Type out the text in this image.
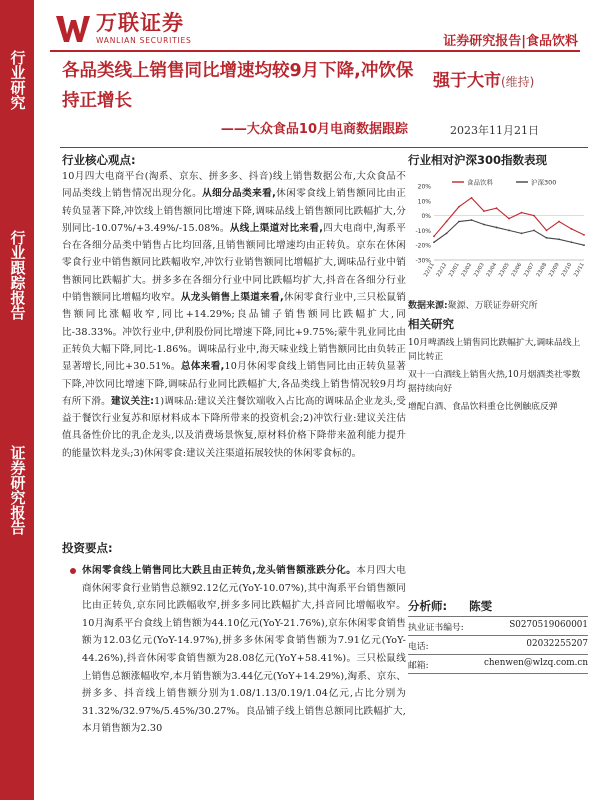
行业研究
行业跟踪报告
证券研究报告
万联证券
WANLIAN SECURITIES	证券研究报告|食品饮料
各品类线上销售同比增速均较9月下降,冲饮保持正增长
——大众食品10月电商数据跟踪
强于大市(维持)
2023年11月21日
行业核心观点:
10月四大电商平台(淘系、京东、拼多多、抖音)线上销售数据公布,大众食品不同品类线上销售情况出现分化。从细分品类来看,休闲零食线上销售额同比由正转负显著下降,冲饮线上销售额同比增速下降,调味品线上销售额同比跌幅扩大,分别同比-10.07%/+3.49%/-15.08%。从线上渠道对比来看,四大电商中,淘系平台在各细分品类中销售占比均回落,且销售额同比增速均由正转负。京东在休闲零食行业中销售额同比跌幅收窄,冲饮行业销售额同比增幅扩大,调味品行业中销售额同比跌幅扩大。拼多多在各细分行业中同比跌幅均扩大,抖音在各细分行业中销售额同比增幅均收窄。从龙头销售上渠道来看,休闲零食行业中,三只松鼠销售额同比涨幅收窄,同比+14.29%;良品铺子销售额同比跌幅扩大,同比-38.33%。冲饮行业中,伊利股份同比增速下降,同比+9.75%;蒙牛乳业同比由正转负大幅下降,同比-1.86%。调味品行业中,海天味业线上销售额同比由负转正显著增长,同比+30.51%。总体来看,10月休闲零食线上销售同比由正转负显著下降,冲饮同比增速下降,调味品行业同比跌幅扩大,各品类线上销售情况较9月均有所下滑。建议关注:1)调味品:建议关注餐饮端收入占比高的调味品企业龙头,受益于餐饮行业复苏和原材料成本下降所带来的投资机会;2)冲饮行业:建议关注估值具备性价比的乳企龙头,以及消费场景恢复,原材料价格下降带来盈利能力提升的能量饮料龙头;3)休闲零食:建议关注渠道拓展较快的休闲零食标的。
投资要点:
休闲零食线上销售同比大跌且由正转负,龙头销售额涨跌分化。本月四大电商休闲零食行业销售总额92.12亿元(YoY-10.07%),其中淘系平台销售额同比由正转负,京东同比跌幅收窄,拼多多同比跌幅扩大,抖音同比增幅收窄。10月淘系平台食线上销售额为44.10亿元(YoY-21.76%),京东休闲零食销售额为12.03亿元(YoY-14.97%),拼多多休闲零食销售额为7.91亿元(YoY-44.26%),抖音休闲零食销售额为28.08亿元(YoY+58.41%)。三只松鼠线上销售总额涨幅收窄,本月销售额为3.44亿元(YoY+14.29%),淘系、京东、拼多多、抖音线上销售额分别为1.08/1.13/0.19/1.04亿元,占比分别为31.32%/32.97%/5.45%/30.27%。良品铺子线上销售总额同比跌幅扩大,本月销售额为2.30
行业相对沪深300指数表现
20%
10%
0%
-10%
-20%
-30%
22/11 22/12 23/01 23/02 23/03 23/04 23/05 23/06 23/07 23/08 23/09 23/10 23/11
食品饮料	沪深300
数据来源:聚源、万联证券研究所
相关研究
10月啤酒线上销售同比跌幅扩大,调味品线上同比转正
双十一白酒线上销售火热,10月烟酒类社零数据持续向好
增配白酒、食品饮料重仓比例触底反弹
分析师: 陈雯
执业证书编号:	S0270519060001
电话:	02032255207
邮箱:	chenwen@wlzq.com.cn
